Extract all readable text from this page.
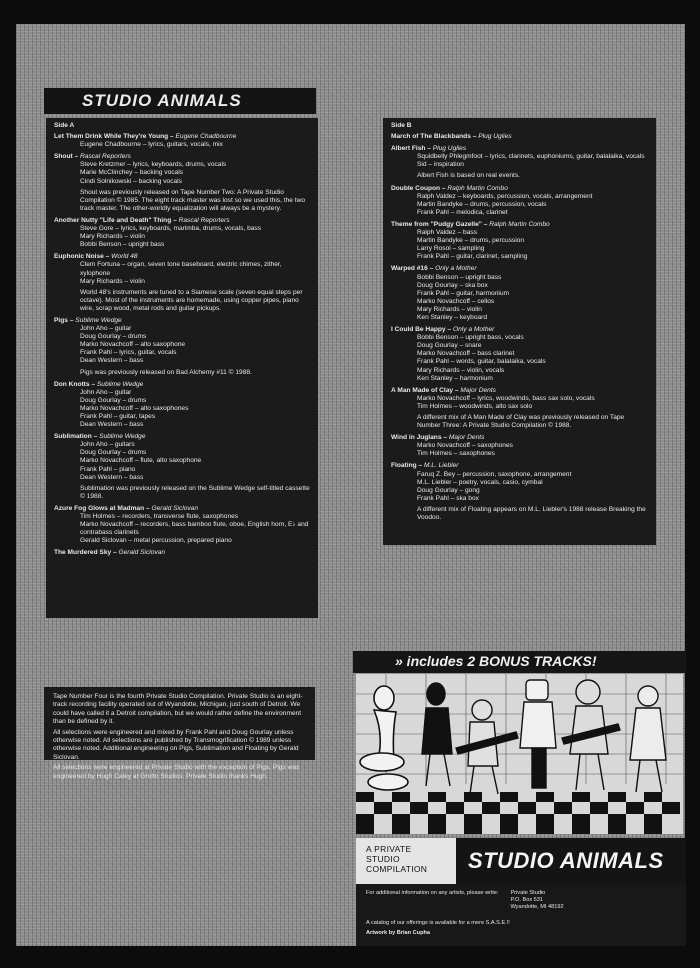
STUDIO ANIMALS
Side A
Let Them Drink While They're Young – Eugene Chadbourne
Eugene Chadbourne – lyrics, guitars, vocals, mix
Shout – Rascal Reporters
Steve Kretzmer – lyrics, keyboards, drums, vocals
Marie McClinchey – backing vocals
Cindi Solnikowski – backing vocals
Shout was previously released on Tape Number Two: A Private Studio Compilation © 1985. The eight track master was lost so we used this, the two track master. The other-worldly equalization will always be a mystery.
Another Nutty "Life and Death" Thing – Rascal Reporters
Steve Gore – lyrics, keyboards, marimba, drums, vocals, bass
Mary Richards – violin
Bobbi Benson – upright bass
Euphonic Noise – World 48
Clem Fortuna – organ, seven tone baseboard, electric chimes, zither, xylophone
Mary Richards – violin
World 48's instruments are tuned to a Siamese scale (seven equal steps per octave). Most of the instruments are homemade, using copper pipes, piano wire, scrap wood, metal rods and guitar pickups.
Pigs – Sublime Wedge
John Aho – guitar
Doug Gourlay – drums
Marko Novachcoff – alto saxophone
Frank Pahl – lyrics, guitar, vocals
Dean Western – bass
Pigs was previously released on Bad Alchemy #11 © 1988.
Don Knotts – Sublime Wedge
John Aho – guitar
Doug Gourlay – drums
Marko Novachcoff – alto saxophones
Frank Pahl – guitar, tapes
Dean Western – bass
Sublimation – Sublime Wedge
John Aho – guitars
Doug Gourlay – drums
Marko Novachcoff – flute, alto saxophone
Frank Pahl – piano
Dean Western – bass
Sublimation was previously released on the Sublime Wedge self-titled cassette © 1988.
Azure Fog Glows at Madman – Gerald Siclovan
Tim Holmes – recorders, transverse flute, saxophones
Marko Novachcoff – recorders, bass bamboo flute, oboe, English horn, E♭ and contrabass clarinets
Gerald Siclovan – metal percussion, prepared piano
The Murdered Sky – Gerald Siclovan
Side B
March of The Blackbands – Plug Uglies
Albert Fish – Plug Uglies
Squidbelly Phlegmfoot – lyrics, clarinets, euphoniums, guitar, balalaika, vocals
Sid – inspiration
Albert Fish is based on real events.
Double Coupon – Ralph Martin Combo
Ralph Valdez – keyboards, percussion, vocals, arrangement
Martin Bandyke – drums, percussion, vocals
Frank Pahl – melodica, clarinet
Theme from "Pudgy Gazelle" – Ralph Martin Combo
Ralph Valdez – bass
Martin Bandyke – drums, percussion
Larry Rosol – sampling
Frank Pahl – guitar, clarinet, sampling
Warped #16 – Only a Mother
Bobbi Benson – upright bass
Doug Gourlay – ska box
Frank Pahl – guitar, harmonium
Marko Novachcoff – cellos
Mary Richards – violin
Ken Stanley – keyboard
I Could Be Happy – Only a Mother
Bobbi Benson – upright bass, vocals
Doug Gourlay – snare
Marko Novachcoff – bass clarinet
Frank Pahl – words, guitar, balalaika, vocals
Mary Richards – violin, vocals
Ken Stanley – harmonium
A Man Made of Clay – Major Dents
Marko Novachcoff – lyrics, woodwinds, bass sax solo, vocals
Tim Holmes – woodwinds, alto sax solo
A different mix of A Man Made of Clay was previously released on Tape Number Three: A Private Studio Compilation © 1988.
Wind in Juglans – Major Dents
Marko Novachcoff – saxophones
Tim Holmes – saxophones
Floating – M.L. Liebler
Faruq Z. Bey – percussion, saxophone, arrangement
M.L. Liebler – poetry, vocals, casio, cymbal
Doug Gourlay – gong
Frank Pahl – ska box
A different mix of Floating appears on M.L. Liebler's 1988 release Breaking the Voodoo.

Tape Number Four is the fourth Private Studio Compilation. Private Studio is an eight-track recording facility operated out of Wyandotte, Michigan, just south of Detroit. We could have called it a Detroit compilation, but we would rather define the environment than be defined by it.

All selections were engineered and mixed by Frank Pahl and Doug Gourlay unless otherwise noted. All selections are published by Transmogrification © 1989 unless otherwise noted. Additional engineering on Pigs, Sublimation and Floating by Gerald Siclovan.

All selections were engineered at Private Studio with the exception of Pigs. Pigs was engineered by Hugh Caley at Grotto Studios. Private Studio thanks Hugh.

» includes 2 BONUS TRACKS!
A PRIVATE
STUDIO
COMPILATION	STUDIO ANIMALS

For additional information on any artists, please write: Private Studio

P.O. Box 531

Wyandotte, MI 48192

A catalog of our offerings is available for a mere S.A.S.E.!!

Artwork by Brian Cupha
